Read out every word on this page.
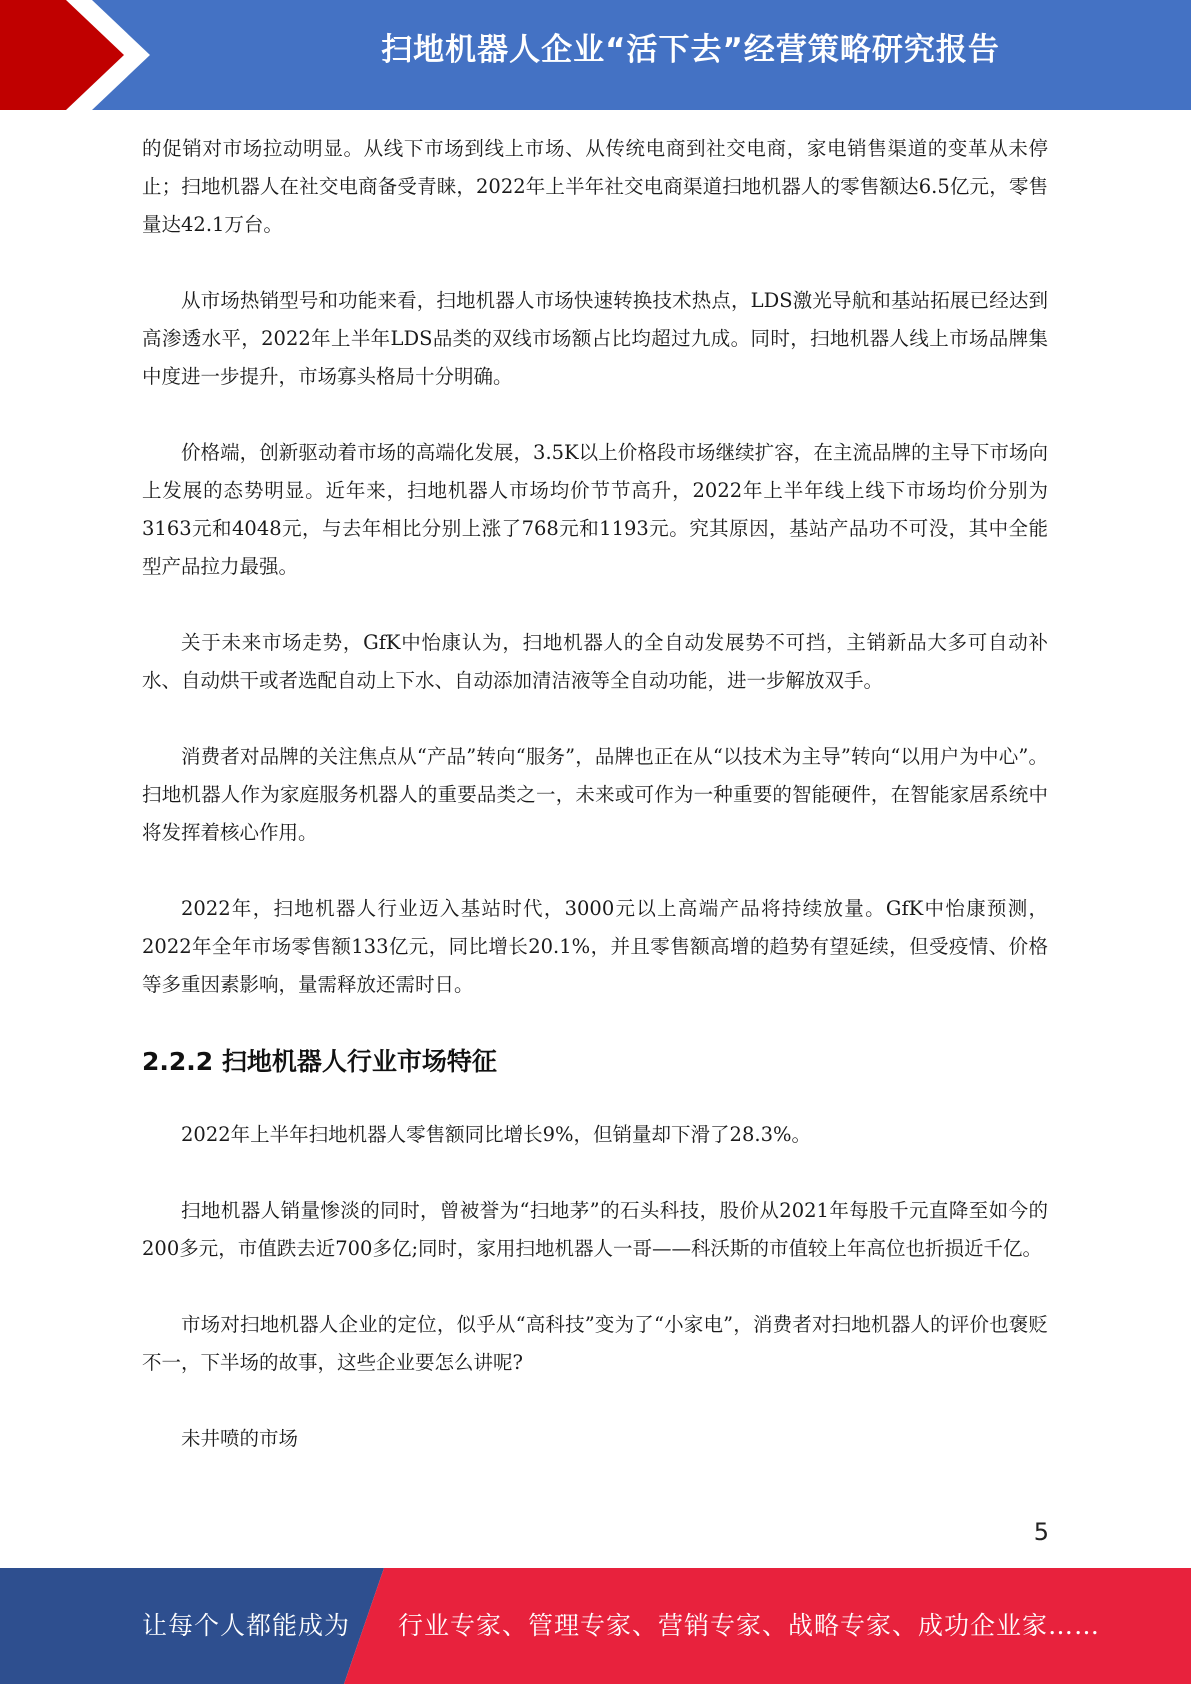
扫地机器人企业“活下去”经营策略研究报告

的促销对市场拉动明显。从线下市场到线上市场、从传统电商到社交电商，家电销售渠道的变革从未停止；扫地机器人在社交电商备受青睐，2022年上半年社交电商渠道扫地机器人的零售额达6.5亿元，零售量达42.1万台。

从市场热销型号和功能来看，扫地机器人市场快速转换技术热点，LDS激光导航和基站拓展已经达到高渗透水平，2022年上半年LDS品类的双线市场额占比均超过九成。同时，扫地机器人线上市场品牌集中度进一步提升，市场寡头格局十分明确。

价格端，创新驱动着市场的高端化发展，3.5K以上价格段市场继续扩容，在主流品牌的主导下市场向上发展的态势明显。近年来，扫地机器人市场均价节节高升，2022年上半年线上线下市场均价分别为3163元和4048元，与去年相比分别上涨了768元和1193元。究其原因，基站产品功不可没，其中全能型产品拉力最强。

关于未来市场走势，GfK中怡康认为，扫地机器人的全自动发展势不可挡，主销新品大多可自动补水、自动烘干或者选配自动上下水、自动添加清洁液等全自动功能，进一步解放双手。

消费者对品牌的关注焦点从“产品”转向“服务”，品牌也正在从“以技术为主导”转向“以用户为中心”。扫地机器人作为家庭服务机器人的重要品类之一，未来或可作为一种重要的智能硬件，在智能家居系统中将发挥着核心作用。

2022年，扫地机器人行业迈入基站时代，3000元以上高端产品将持续放量。GfK中怡康预测，2022年全年市场零售额133亿元，同比增长20.1%，并且零售额高增的趋势有望延续，但受疫情、价格等多重因素影响，量需释放还需时日。

2.2.2 扫地机器人行业市场特征

2022年上半年扫地机器人零售额同比增长9%，但销量却下滑了28.3%。

扫地机器人销量惨淡的同时，曾被誉为“扫地茅”的石头科技，股价从2021年每股千元直降至如今的200多元，市值跌去近700多亿;同时，家用扫地机器人一哥——科沃斯的市值较上年高位也折损近千亿。

市场对扫地机器人企业的定位，似乎从“高科技”变为了“小家电”，消费者对扫地机器人的评价也褒贬不一，下半场的故事，这些企业要怎么讲呢?

未井喷的市场

5
让每个人都能成为 行业专家、管理专家、营销专家、战略专家、成功企业家……
